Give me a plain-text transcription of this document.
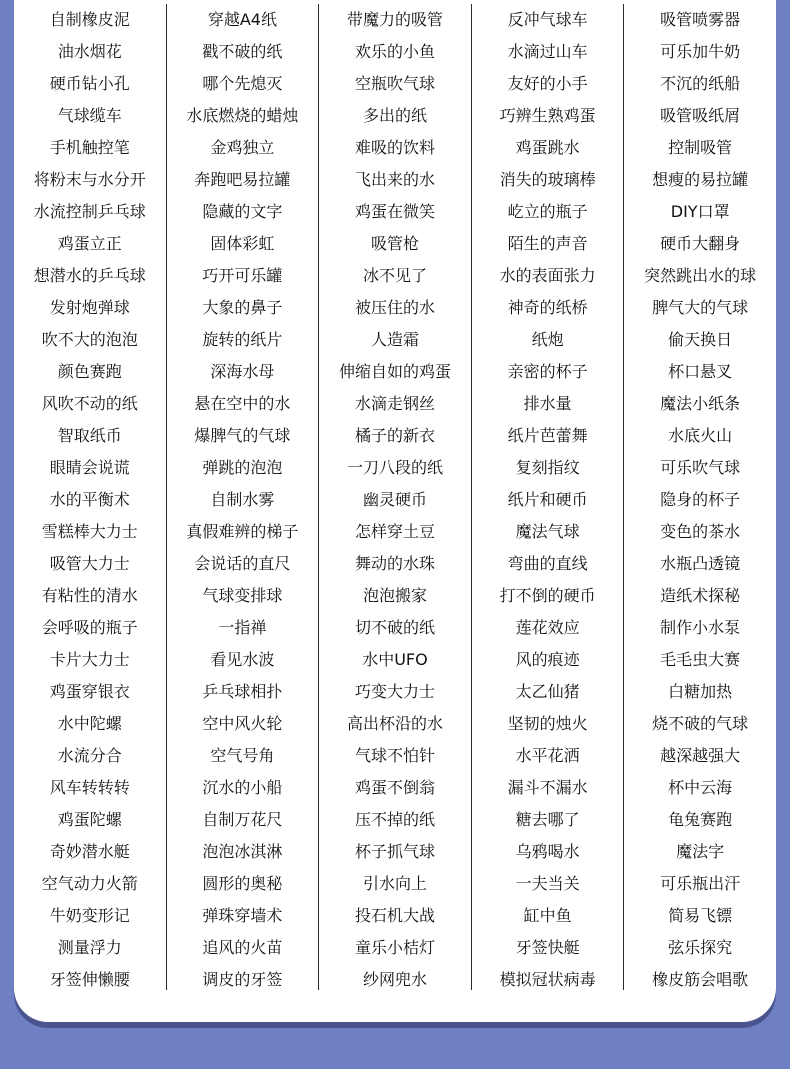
自制橡皮泥
油水烟花
硬币钻小孔
气球缆车
手机触控笔
将粉末与水分开
水流控制乒乓球
鸡蛋立正
想潜水的乒乓球
发射炮弹球
吹不大的泡泡
颜色赛跑
风吹不动的纸
智取纸币
眼睛会说谎
水的平衡术
雪糕棒大力士
吸管大力士
有粘性的清水
会呼吸的瓶子
卡片大力士
鸡蛋穿银衣
水中陀螺
水流分合
风车转转转
鸡蛋陀螺
奇妙潜水艇
空气动力火箭
牛奶变形记
测量浮力
牙签伸懒腰
穿越A4纸
戳不破的纸
哪个先熄灭
水底燃烧的蜡烛
金鸡独立
奔跑吧易拉罐
隐藏的文字
固体彩虹
巧开可乐罐
大象的鼻子
旋转的纸片
深海水母
悬在空中的水
爆脾气的气球
弹跳的泡泡
自制水雾
真假难辨的梯子
会说话的直尺
气球变排球
一指禅
看见水波
乒乓球相扑
空中风火轮
空气号角
沉水的小船
自制万花尺
泡泡冰淇淋
圆形的奥秘
弹珠穿墙术
追风的火苗
调皮的牙签
带魔力的吸管
欢乐的小鱼
空瓶吹气球
多出的纸
难吸的饮料
飞出来的水
鸡蛋在微笑
吸管枪
冰不见了
被压住的水
人造霜
伸缩自如的鸡蛋
水滴走钢丝
橘子的新衣
一刀八段的纸
幽灵硬币
怎样穿土豆
舞动的水珠
泡泡搬家
切不破的纸
水中UFO
巧变大力士
高出杯沿的水
气球不怕针
鸡蛋不倒翁
压不掉的纸
杯子抓气球
引水向上
投石机大战
童乐小桔灯
纱网兜水
反冲气球车
水滴过山车
友好的小手
巧辨生熟鸡蛋
鸡蛋跳水
消失的玻璃棒
屹立的瓶子
陌生的声音
水的表面张力
神奇的纸桥
纸炮
亲密的杯子
排水量
纸片芭蕾舞
复刻指纹
纸片和硬币
魔法气球
弯曲的直线
打不倒的硬币
莲花效应
风的痕迹
太乙仙猪
坚韧的烛火
水平花洒
漏斗不漏水
糖去哪了
乌鸦喝水
一夫当关
缸中鱼
牙签快艇
模拟冠状病毒
吸管喷雾器
可乐加牛奶
不沉的纸船
吸管吸纸屑
控制吸管
想瘦的易拉罐
DIY口罩
硬币大翻身
突然跳出水的球
脾气大的气球
偷天换日
杯口悬叉
魔法小纸条
水底火山
可乐吹气球
隐身的杯子
变色的茶水
水瓶凸透镜
造纸术探秘
制作小水泵
毛毛虫大赛
白糖加热
烧不破的气球
越深越强大
杯中云海
龟兔赛跑
魔法字
可乐瓶出汗
简易飞镖
弦乐探究
橡皮筋会唱歌
